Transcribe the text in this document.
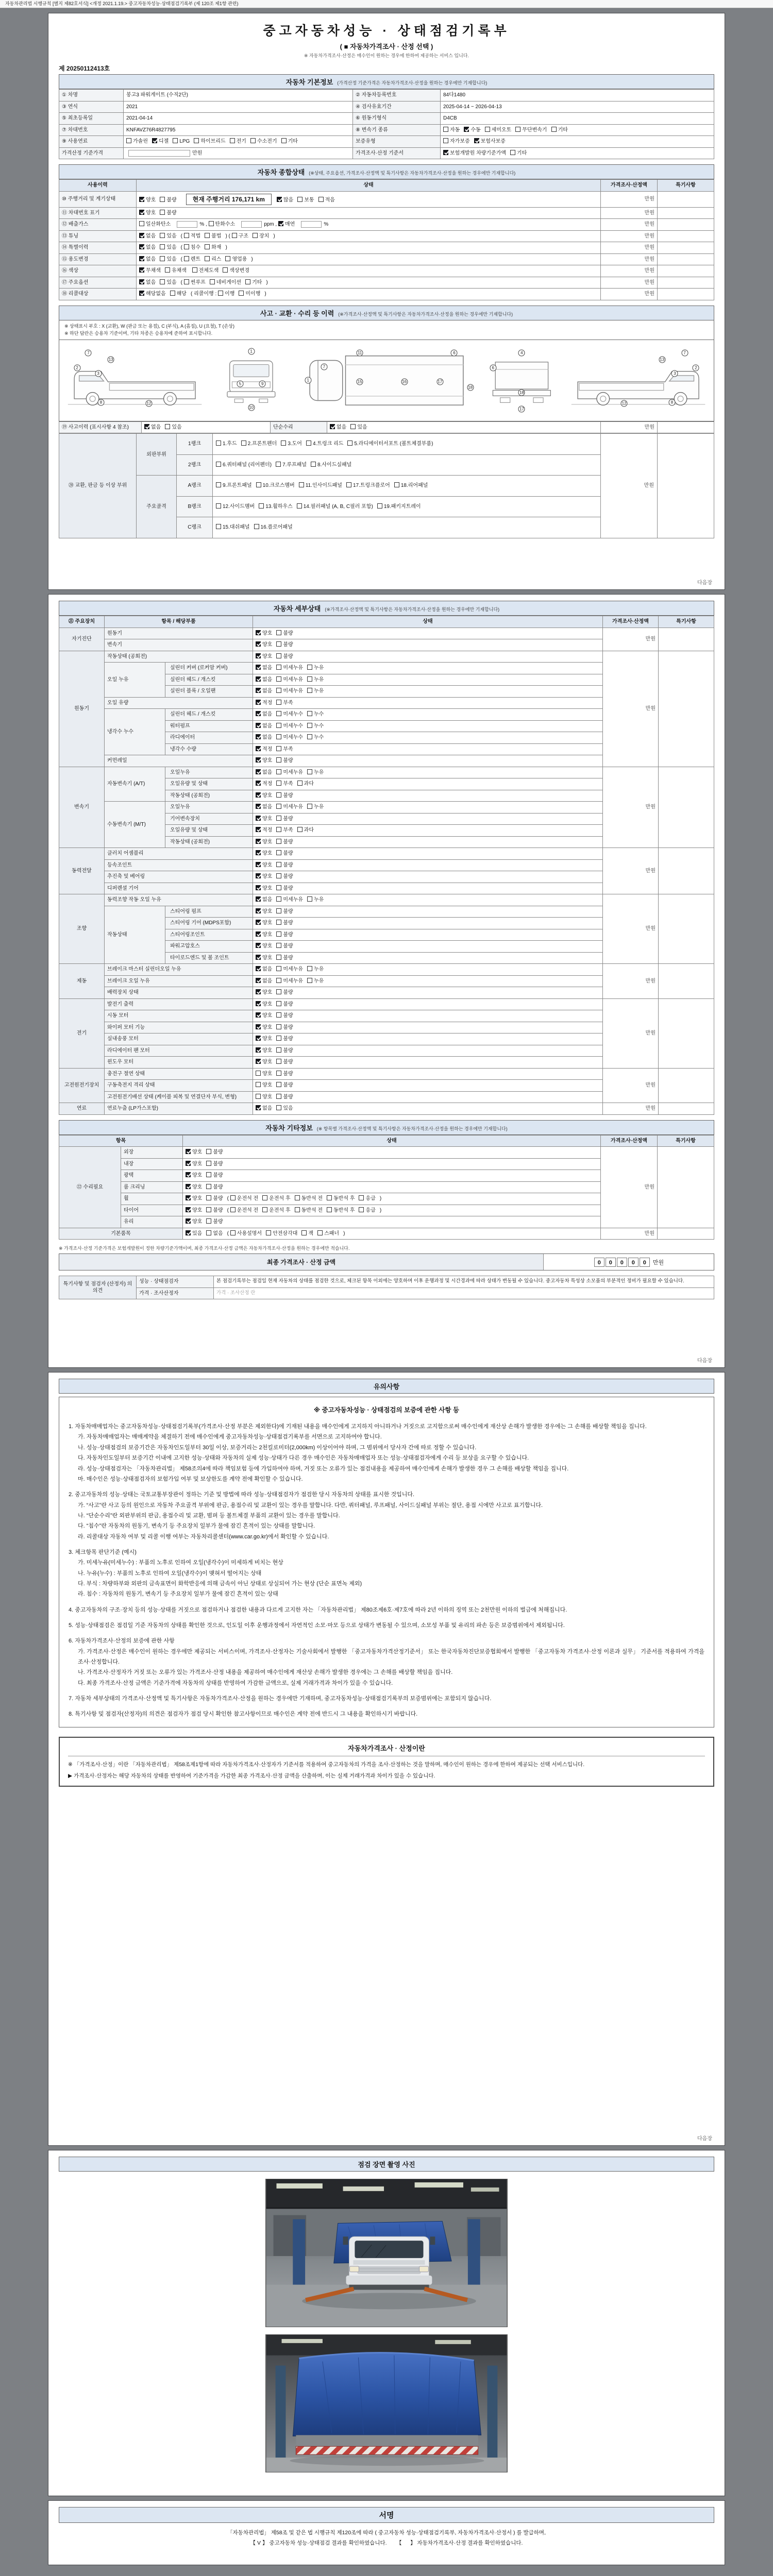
자동차관리법 시행규칙 [별지 제82호서식] <개정 2021.1.19.> 중고자동차성능·상태점검기록부 (제 120조 제1항 관련)
중고자동차성능 · 상태점검기록부
( ■ 자동차가격조사 · 산정 선택 )
※ 자동차가격조사·산정은 매수인이 원하는 경우에 한하여 제공하는 서비스 입니다.
제 20250112413호
자동차 기본정보 (가격산정 기준가격은 자동차가격조사·산정을 원하는 경우에만 기재합니다)
① 차명	봉고3 파워게이트 (수직2단)	② 자동차등록번호	84다1480
③ 연식	2021	④ 검사유효기간	2025-04-14 ~ 2026-04-13
⑤ 최초등록일	2021-04-14	⑥ 원동기형식	D4CB
⑦ 차대번호	KNFAVZ76R4827795	⑧ 변속기 종류	자동 수동 세미오토 무단변속기 기타
⑨ 사용연료	가솔린 디젤 LPG 하이브리드 전기 수소전기 기타	보증유형	자가보증 보험사보증
가격산정 기준가격	만원	가격조사·산정 기준서	보험개발원 차량기준가액 기타
자동차 종합상태 (※상태, 주요옵션, 가격조사·산정액 및 특기사항은 자동차가격조사·산정을 원하는 경우에만 기재합니다)
사용이력	상태	가격조사·산정액	특기사항
⑩ 주행거리 및 계기상태	양호 불량 현재 주행거리 176,171 km 많음 보통 적음	만원	
⑪ 차대번호 표기	양호 불량	만원	
⑫ 배출가스	일산화탄소 % , 탄화수소 ppm , 매연 %	만원	
⑬ 튜닝	없음 있음 ( 적법 불법 ) ( 구조 장치 )	만원	
⑭ 특별이력	없음 있음 ( 침수 화재 )	만원	
⑮ 용도변경	없음 있음 ( 렌트 리스 영업용 )	만원	
⑯ 색상	무채색 유채색 전체도색 색상변경	만원	
⑰ 주요옵션	없음 있음 ( 썬루프 네비게이션 기타 )	만원	
⑱ 리콜대상	해당없음 해당 ( 리콜이행 : 이행 미이행 )	만원	
사고 · 교환 · 수리 등 이력 (※가격조사·산정액 및 특기사항은 자동차가격조사·산정을 원하는 경우에만 기재합니다)
※ 상태표시 부호 : X (교환), W (판금 또는 용접), C (부식), A (흠집), U (요철), T (손상)
※ 하단 답란은 승용차 기준이며, 기타 차종은 승용차에 준하여 표시합니다.
7
13
2
3
8	12
1
5	9
10
1
7
11
15	16
6
17
18
4
6
18
17
7
13
2
3
8
12
⑲ 사고이력 (표시사항 4 참조)	없음 있음	단순수리	없음 있음	만원	
⑳ 교환, 판금 등 이상 부위	외판부위	1랭크	1.후드 2.프론트펜더 3.도어 4.트렁크 리드 5.라디에이터서포트 (볼트체결부품)	만원	
		2랭크	6.쿼터패널 (리어펜더) 7.루프패널 8.사이드실패널		
	주요골격	A랭크	9.프론트패널 10.크로스멤버 11.인사이드패널 17.트렁크플로어 18.리어패널		
		B랭크	12.사이드멤버 13.휠하우스 14.필러패널 (A, B, C필러 포함) 19.패키지트레이		
		C랭크	15.대쉬패널 16.플로어패널		
다음장
자동차 세부상태 (※가격조사·산정액 및 특기사항은 자동차가격조사·산정을 원하는 경우에만 기재합니다)
㉑ 주요장치	항목 / 해당부품		상태	가격조사·산정액	특기사항
자기진단	원동기		양호 불량	만원	
	변속기		양호 불량		
원동기	작동상태 (공회전)		양호 불량	만원	
	오일 누유	실린더 커버 (로커암 커버)	없음 미세누유 누유		
		실린더 헤드 / 개스킷	없음 미세누유 누유		
		실린더 블록 / 오일팬	없음 미세누유 누유		
	오일 유량		적정 부족		
	냉각수 누수	실린더 헤드 / 개스킷	없음 미세누수 누수		
		워터펌프	없음 미세누수 누수		
		라디에이터	없음 미세누수 누수		
		냉각수 수량	적정 부족		
	커먼레일		양호 불량		
변속기	자동변속기 (A/T)	오일누유	없음 미세누유 누유	만원	
		오일유량 및 상태	적정 부족 과다		
		작동상태 (공회전)	양호 불량		
	수동변속기 (M/T)	오일누유	없음 미세누유 누유		
		기어변속장치	양호 불량		
		오일유량 및 상태	적정 부족 과다		
		작동상태 (공회전)	양호 불량		
동력전달	클러치 어셈블리		양호 불량	만원	
	등속조인트		양호 불량		
	추진축 및 베어링		양호 불량		
	디퍼렌셜 기어		양호 불량		
조향	동력조향 작동 오일 누유		없음 미세누유 누유	만원	
	작동상태	스티어링 펌프	양호 불량		
		스티어링 기어 (MDPS포함)	양호 불량		
		스티어링조인트	양호 불량		
		파워고압호스	양호 불량		
		타이로드엔드 및 볼 조인트	양호 불량		
제동	브레이크 마스터 실린더오일 누유		없음 미세누유 누유	만원	
	브레이크 오일 누유		없음 미세누유 누유		
	배력장치 상태		양호 불량		
전기	발전기 출력		양호 불량	만원	
	시동 모터		양호 불량		
	와이퍼 모터 기능		양호 불량		
	실내송풍 모터		양호 불량		
	라디에이터 팬 모터		양호 불량		
	윈도우 모터		양호 불량		
고전원전기장치	충전구 절연 상태		양호 불량	만원	
	구동축전지 격리 상태		양호 불량		
	고전원전기배선 상태 (케이블 피복 및 연결단자 부식, 변형)		양호 불량		
연료	연료누출 (LP가스포함)		없음 있음	만원	
자동차 기타정보 (※ 항목별 가격조사·산정액 및 특기사항은 자동차가격조사·산정을 원하는 경우에만 기재합니다)
항목		상태	가격조사·산정액	특기사항
㉒ 수리필요	외장	양호 불량	만원	
	내장	양호 불량		
	광택	양호 불량		
	룸 크리닝	양호 불량		
	휠	양호 불량 ( 운전석 전 운전석 후 동반석 전 동반석 후 응급 )		
	타이어	양호 불량 ( 운전석 전 운전석 후 동반석 전 동반석 후 응급 )		
	유리	양호 불량		
기본품목		있음 없음 ( 사용설명서 안전삼각대 잭 스패너 )	만원	
※ 가격조사·산정 기준가격은 보험개발원이 정한 차량기준가액이며, 최종 가격조사·산정 금액은 자동차가격조사·산정을 원하는 경우에만 적습니다.
최종 가격조사 · 산정 금액	0 0 0 0 0	만원
특기사항 및 점검자 (산정자) 의 의견	성능 · 상태점검자	본 점검기록부는 점검일 현재 자동차의 상태를 점검한 것으로, 체크된 항목 이외에는 양호하며 이후 운행과정 및 시간경과에 따라 상태가 변동될 수 있습니다. 중고자동차 특성상 소모품의 부분적인 정비가 필요할 수 있습니다.
	가격 · 조사산정자	가격 · 조사산정 란
다음장
유의사항
※ 중고자동차성능 · 상태점검의 보증에 관한 사항 등
1. 자동차매매업자는 중고자동차성능·상태점검기록부(가격조사·산정 부분은 제외한다)에 기재된 내용을 매수인에게 고지하지 아니하거나 거짓으로 고지함으로써 매수인에게 재산상 손해가 발생한 경우에는 그 손해를 배상할 책임을 집니다.
가. 자동차매매업자는 매매계약을 체결하기 전에 매수인에게 중고자동차성능·상태점검기록부를 서면으로 고지하여야 합니다.
나. 성능·상태점검의 보증기간은 자동차인도일부터 30일 이상, 보증거리는 2천킬로미터(2,000km) 이상이어야 하며, 그 범위에서 당사자 간에 따로 정할 수 있습니다.
다. 자동차인도일부터 보증기간 이내에 고지한 성능·상태와 자동차의 실제 성능·상태가 다른 경우 매수인은 자동차매매업자 또는 성능·상태점검자에게 수리 등 보상을 요구할 수 있습니다.
라. 성능·상태점검자는 「자동차관리법」 제58조의4에 따라 책임보험 등에 가입하여야 하며, 거짓 또는 오류가 있는 점검내용을 제공하여 매수인에게 손해가 발생한 경우 그 손해를 배상할 책임을 집니다.
마. 매수인은 성능·상태점검자의 보험가입 여부 및 보상한도를 계약 전에 확인할 수 있습니다.
2. 중고자동차의 성능·상태는 국토교통부장관이 정하는 기준 및 방법에 따라 성능·상태점검자가 점검한 당시 자동차의 상태를 표시한 것입니다.
가. “사고”란 사고 등의 원인으로 자동차 주요골격 부위에 판금, 용접수리 및 교환이 있는 경우를 말합니다. 다만, 쿼터패널, 루프패널, 사이드실패널 부위는 절단, 용접 시에만 사고로 표기합니다.
나. “단순수리”란 외판부위의 판금, 용접수리 및 교환, 범퍼 등 볼트체결 부품의 교환이 있는 경우를 말합니다.
다. “침수”란 자동차의 원동기, 변속기 등 주요장치 일부가 물에 잠긴 흔적이 있는 상태를 말합니다.
라. 리콜대상 자동차 여부 및 리콜 이행 여부는 자동차리콜센터(www.car.go.kr)에서 확인할 수 있습니다.
3. 체크항목 판단기준 (예시)
가. 미세누유(미세누수) : 부품의 노후로 인하여 오일(냉각수)이 미세하게 비치는 현상
나. 누유(누수) : 부품의 노후로 인하여 오일(냉각수)이 맺혀서 떨어지는 상태
다. 부식 : 차량하부와 외판의 금속표면이 화학반응에 의해 금속이 아닌 상태로 상실되어 가는 현상 (단순 표면녹 제외)
라. 침수 : 자동차의 원동기, 변속기 등 주요장치 일부가 물에 잠긴 흔적이 있는 상태
4. 중고자동차의 구조·장치 등의 성능·상태를 거짓으로 점검하거나 점검한 내용과 다르게 고지한 자는 「자동차관리법」 제80조제6호·제7호에 따라 2년 이하의 징역 또는 2천만원 이하의 벌금에 처해집니다.
5. 성능·상태점검은 점검일 기준 자동차의 상태를 확인한 것으로, 인도일 이후 운행과정에서 자연적인 소모·마모 등으로 상태가 변동될 수 있으며, 소모성 부품 및 유리의 파손 등은 보증범위에서 제외됩니다.
6. 자동차가격조사·산정의 보증에 관한 사항
가. 가격조사·산정은 매수인이 원하는 경우에만 제공되는 서비스이며, 가격조사·산정자는 기술사회에서 발행한 「중고자동차가격산정기준서」 또는 한국자동차진단보증협회에서 발행한 「중고자동차 가격조사·산정 이론과 실무」 기준서를 적용하여 가격을 조사·산정합니다.
나. 가격조사·산정자가 거짓 또는 오류가 있는 가격조사·산정 내용을 제공하여 매수인에게 재산상 손해가 발생한 경우에는 그 손해를 배상할 책임을 집니다.
다. 최종 가격조사·산정 금액은 기준가격에 자동차의 상태를 반영하여 가감한 금액으로, 실제 거래가격과 차이가 있을 수 있습니다.
7. 자동차 세부상태의 가격조사·산정액 및 특기사항은 자동차가격조사·산정을 원하는 경우에만 기재하며, 중고자동차성능·상태점검기록부의 보증범위에는 포함되지 않습니다.
8. 특기사항 및 점검자(산정자)의 의견은 점검자가 점검 당시 확인한 참고사항이므로 매수인은 계약 전에 반드시 그 내용을 확인하시기 바랍니다.
자동차가격조사 · 산정이란
※ 「가격조사·산정」이란 「자동차관리법」 제58조제1항에 따라 자동차가격조사·산정자가 기준서를 적용하여 중고자동차의 가격을 조사·산정하는 것을 말하며, 매수인이 원하는 경우에 한하여 제공되는 선택 서비스입니다.
▶ 가격조사·산정자는 해당 자동차의 상태를 반영하여 기준가격을 가감한 최종 가격조사·산정 금액을 산출하며, 이는 실제 거래가격과 차이가 있을 수 있습니다.
다음장
점검 장면 촬영 사진
서명
「자동차관리법」 제58조 및 같은 법 시행규칙 제120조에 따라 ( 중고자동차 성능·상태점검기록부, 자동차가격조사·산정서 ) 를 발급하며,
【 V 】 중고자동차 성능·상태점검 결과를 확인하였습니다. 　　【 　 】 자동차가격조사·산정 결과를 확인하였습니다.
